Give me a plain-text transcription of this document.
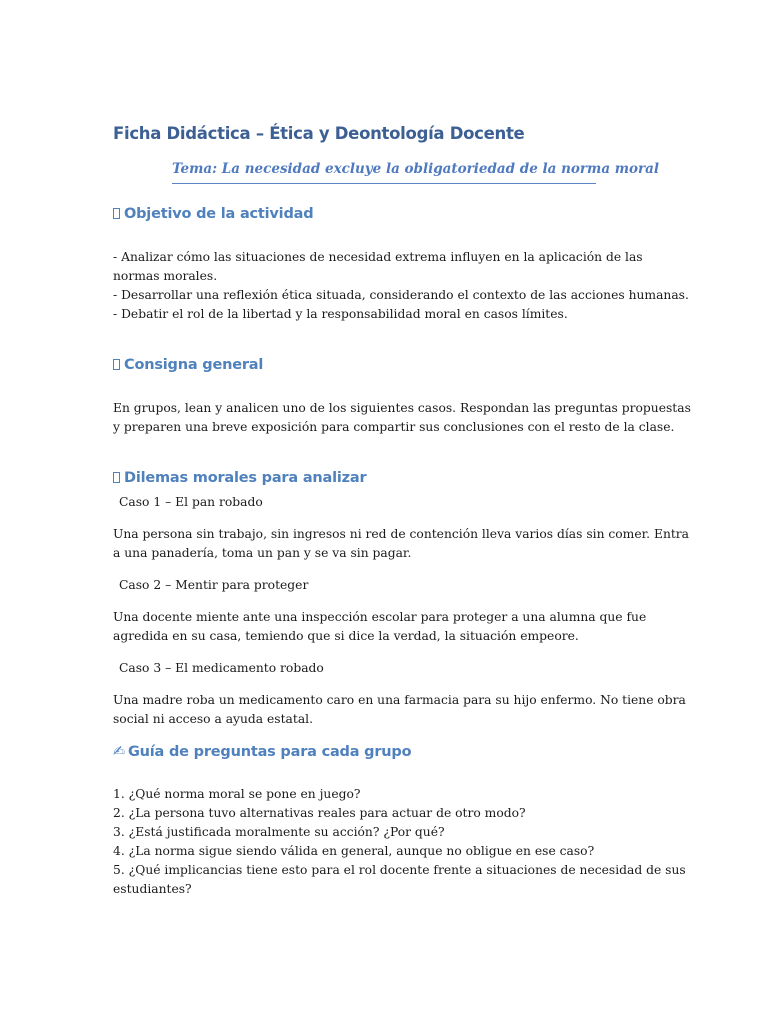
Ficha Didáctica – Ética y Deontología Docente

Tema: La necesidad excluye la obligatoriedad de la norma moral

Objetivo de la actividad
- Analizar cómo las situaciones de necesidad extrema influyen en la aplicación de las
normas morales.
- Desarrollar una reflexión ética situada, considerando el contexto de las acciones humanas.
- Debatir el rol de la libertad y la responsabilidad moral en casos límites.
Consigna general
En grupos, lean y analicen uno de los siguientes casos. Respondan las preguntas propuestas
y preparen una breve exposición para compartir sus conclusiones con el resto de la clase.
Dilemas morales para analizar

Caso 1 – El pan robado

Una persona sin trabajo, sin ingresos ni red de contención lleva varios días sin comer. Entra
a una panadería, toma un pan y se va sin pagar.

Caso 2 – Mentir para proteger

Una docente miente ante una inspección escolar para proteger a una alumna que fue
agredida en su casa, temiendo que si dice la verdad, la situación empeore.

Caso 3 – El medicamento robado

Una madre roba un medicamento caro en una farmacia para su hijo enfermo. No tiene obra
social ni acceso a ayuda estatal.
✍ Guía de preguntas para cada grupo
1. ¿Qué norma moral se pone en juego?
2. ¿La persona tuvo alternativas reales para actuar de otro modo?
3. ¿Está justificada moralmente su acción? ¿Por qué?
4. ¿La norma sigue siendo válida en general, aunque no obligue en ese caso?
5. ¿Qué implicancias tiene esto para el rol docente frente a situaciones de necesidad de sus
estudiantes?
